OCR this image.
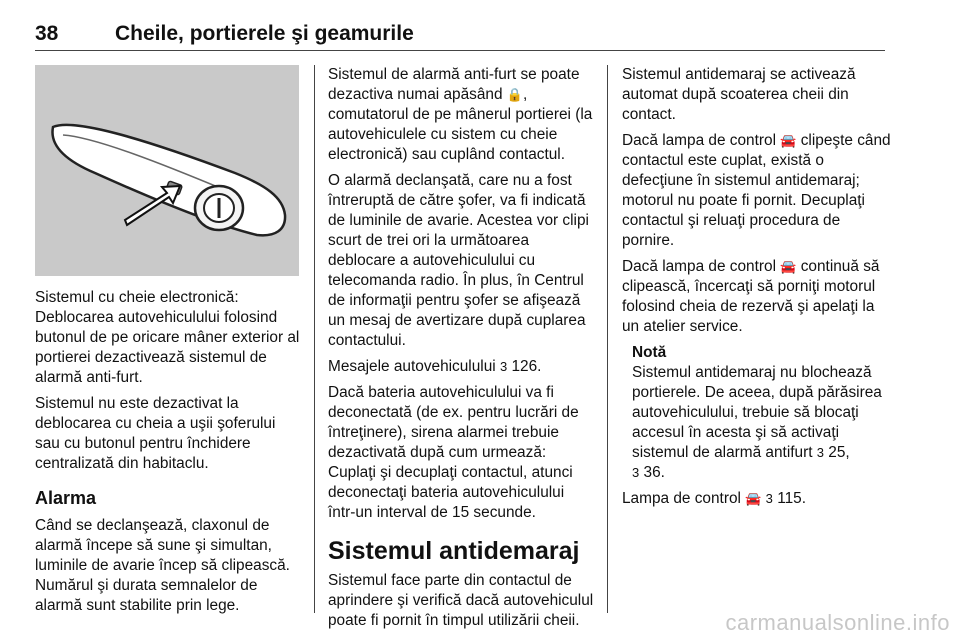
38	Cheile, portierele şi geamurile

Sistemul cu cheie electronică: Deblocarea autovehiculului folosind butonul de pe oricare mâner exterior al portierei dezactivează sistemul de alarmă anti-furt.

Sistemul nu este dezactivat la deblocarea cu cheia a uşii şoferului sau cu butonul pentru închidere centralizată din habitaclu.

Alarma

Când se declanşează, claxonul de alarmă începe să sune şi simultan, luminile de avarie încep să clipească. Numărul şi durata semnalelor de alarmă sunt stabilite prin lege.

Sistemul de alarmă anti-furt se poate dezactiva numai apăsând 🔒, comutatorul de pe mânerul portierei (la autovehiculele cu sistem cu cheie electronică) sau cuplând contactul.

O alarmă declanşată, care nu a fost întreruptă de către şofer, va fi indicată de luminile de avarie. Acestea vor clipi scurt de trei ori la următoarea deblocare a autovehiculului cu telecomanda radio. În plus, în Centrul de informaţii pentru şofer se afişează un mesaj de avertizare după cuplarea contactului.

Mesajele autovehiculului 3 126.

Dacă bateria autovehiculului va fi deconectată (de ex. pentru lucrări de întreţinere), sirena alarmei trebuie dezactivată după cum urmează: Cuplaţi şi decuplaţi contactul, atunci deconectaţi bateria autovehiculului într-un interval de 15 secunde.

Sistemul antidemaraj

Sistemul face parte din contactul de aprindere şi verifică dacă autovehiculul poate fi pornit în timpul utilizării cheii.

Sistemul antidemaraj se activează automat după scoaterea cheii din contact.

Dacă lampa de control 🚘 clipeşte când contactul este cuplat, există o defecţiune în sistemul antidemaraj; motorul nu poate fi pornit. Decuplaţi contactul şi reluaţi procedura de pornire.

Dacă lampa de control 🚘 continuă să clipească, încercaţi să porniţi motorul folosind cheia de rezervă şi apelaţi la un atelier service.

Notă

Sistemul antidemaraj nu blochează portierele. De aceea, după părăsirea autovehiculului, trebuie să blocaţi accesul în acesta şi să activaţi sistemul de alarmă antifurt 3 25,
3 36.

Lampa de control 🚘 3 115.

carmanualsonline.info
